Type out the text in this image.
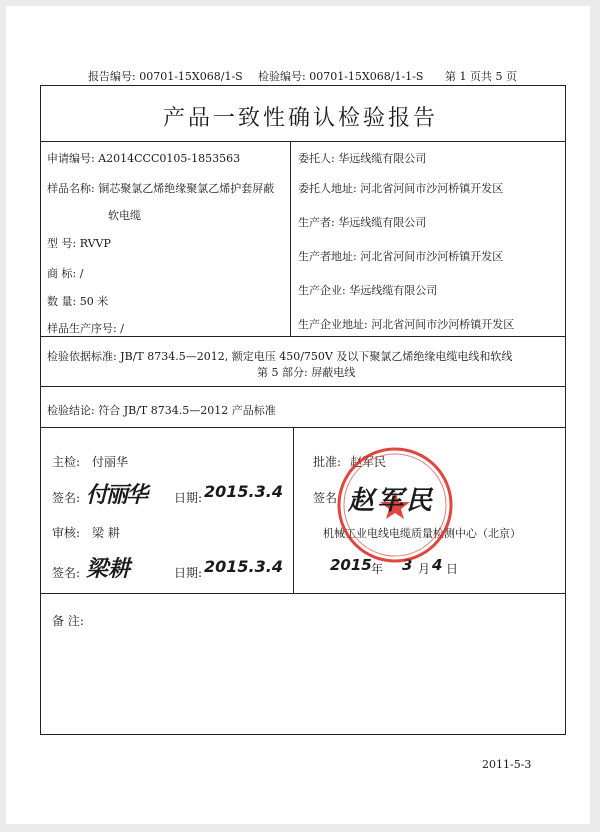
报告编号: 00701-15X068/1-S 检验编号: 00701-15X068/1-1-S 第 1 页共 5 页
产品一致性确认检验报告
申请编号: A2014CCC0105-1853563
样品名称: 铜芯聚氯乙烯绝缘聚氯乙烯护套屏蔽
软电缆
型 号: RVVP
商 标: /
数 量: 50 米
样品生产序号: /
委托人: 华远线缆有限公司
委托人地址: 河北省河间市沙河桥镇开发区
生产者: 华远线缆有限公司
生产者地址: 河北省河间市沙河桥镇开发区
生产企业: 华远线缆有限公司
生产企业地址: 河北省河间市沙河桥镇开发区
检验依据标准: JB/T 8734.5—2012, 额定电压 450/750V 及以下聚氯乙烯绝缘电缆电线和软线
第 5 部分: 屏蔽电线
检验结论: 符合 JB/T 8734.5—2012 产品标准
主检: 付丽华
签名: 付丽华 日期: 2015.3.4
审核: 梁 耕
签名: 梁耕	日期: 2015.3.4
批准: 赵军民
签名
机械工业电线电缆质量检测中心（北京）
2015 年 3 月 4 日
赵军民
备 注:
2011-5-3
